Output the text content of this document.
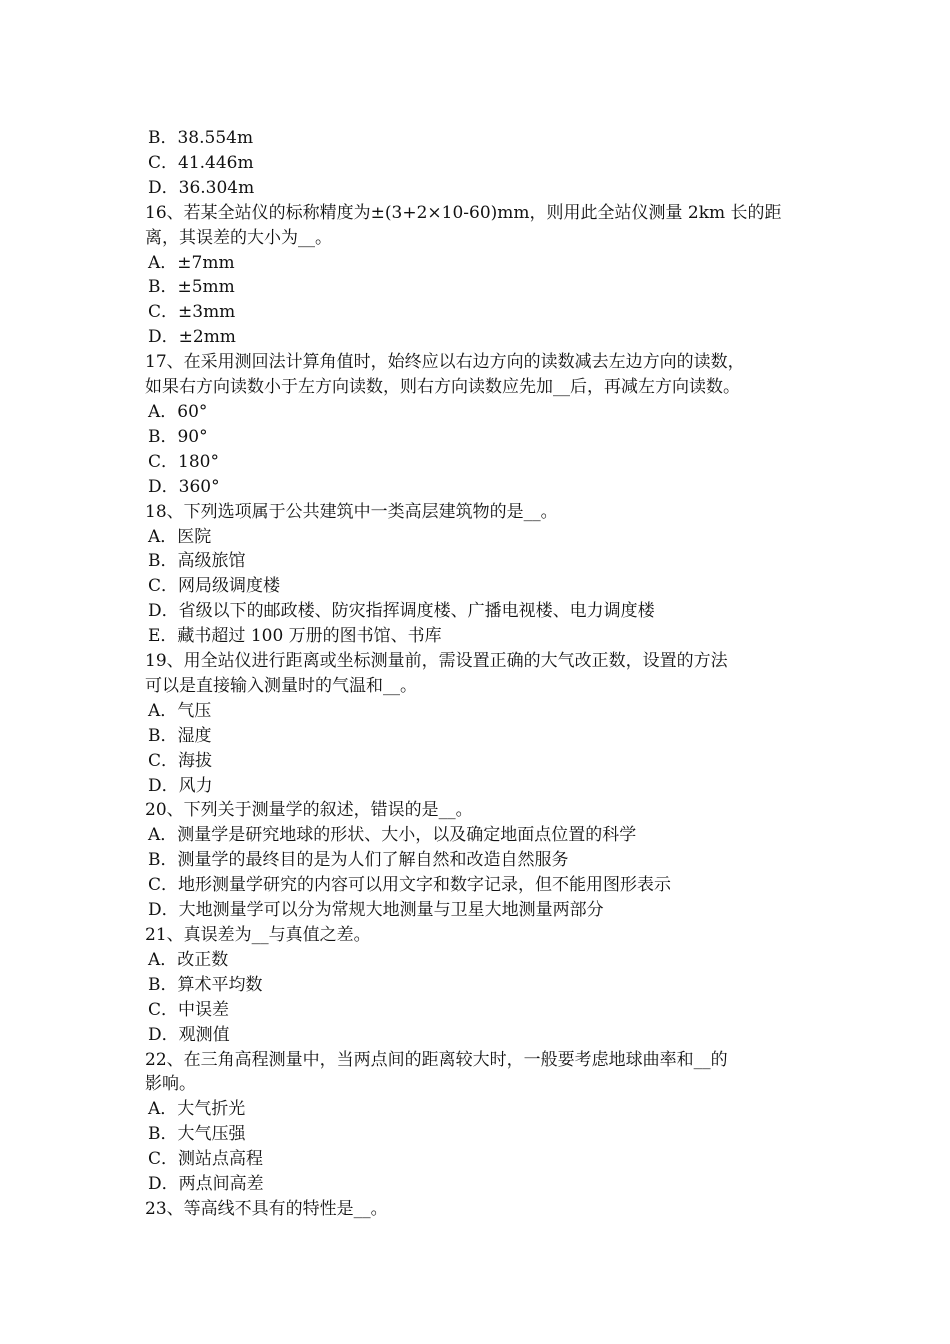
B．38.554m
C．41.446m
D．36.304m
16、若某全站仪的标称精度为±(3+2×10-60)mm，则用此全站仪测量 2km 长的距
离，其误差的大小为__。
A．±7mm
B．±5mm
C．±3mm
D．±2mm
17、在采用测回法计算角值时，始终应以右边方向的读数减去左边方向的读数，
如果右方向读数小于左方向读数，则右方向读数应先加__后，再减左方向读数。
A．60°
B．90°
C．180°
D．360°
18、下列选项属于公共建筑中一类高层建筑物的是__。
A．医院
B．高级旅馆
C．网局级调度楼
D．省级以下的邮政楼、防灾指挥调度楼、广播电视楼、电力调度楼
E．藏书超过 100 万册的图书馆、书库
19、用全站仪进行距离或坐标测量前，需设置正确的大气改正数，设置的方法
可以是直接输入测量时的气温和__。
A．气压
B．湿度
C．海拔
D．风力
20、下列关于测量学的叙述，错误的是__。
A．测量学是研究地球的形状、大小，以及确定地面点位置的科学
B．测量学的最终目的是为人们了解自然和改造自然服务
C．地形测量学研究的内容可以用文字和数字记录，但不能用图形表示
D．大地测量学可以分为常规大地测量与卫星大地测量两部分
21、真误差为__与真值之差。
A．改正数
B．算术平均数
C．中误差
D．观测值
22、在三角高程测量中，当两点间的距离较大时，一般要考虑地球曲率和__的
影响。
A．大气折光
B．大气压强
C．测站点高程
D．两点间高差
23、等高线不具有的特性是__。
